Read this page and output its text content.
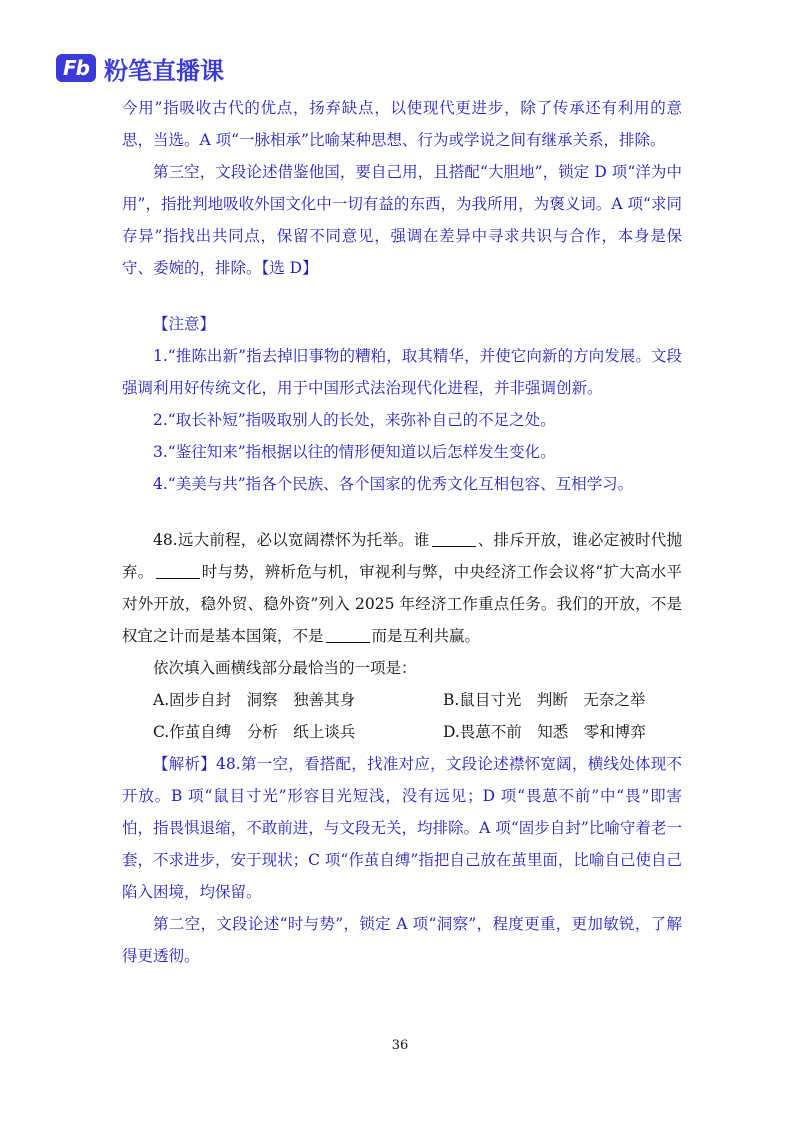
Fb 粉笔直播课

今用”指吸收古代的优点，扬弃缺点，以使现代更进步，除了传承还有利用的意思，当选。A 项“一脉相承”比喻某种思想、行为或学说之间有继承关系，排除。

第三空，文段论述借鉴他国，要自己用，且搭配“大胆地”，锁定 D 项“洋为中用”，指批判地吸收外国文化中一切有益的东西，为我所用，为褒义词。A 项“求同存异”指找出共同点，保留不同意见，强调在差异中寻求共识与合作，本身是保守、委婉的，排除。【选 D】

【注意】

1.“推陈出新”指去掉旧事物的糟粕，取其精华，并使它向新的方向发展。文段强调利用好传统文化，用于中国形式法治现代化进程，并非强调创新。

2.“取长补短”指吸取别人的长处，来弥补自己的不足之处。

3.“鉴往知来”指根据以往的情形便知道以后怎样发生变化。

4.“美美与共”指各个民族、各个国家的优秀文化互相包容、互相学习。

48.远大前程，必以宽阔襟怀为托举。谁	、排斥开放，谁必定被时代抛弃。	时与势，辨析危与机，审视利与弊，中央经济工作会议将“扩大高水平对外开放，稳外贸、稳外资”列入 2025 年经济工作重点任务。我们的开放，不是权宜之计而是基本国策，不是	而是互利共赢。

依次填入画横线部分最恰当的一项是：

A.固步自封　洞察　独善其身	B.鼠目寸光　判断　无奈之举
C.作茧自缚　分析　纸上谈兵	D.畏葸不前　知悉　零和博弈

【解析】48.第一空，看搭配，找准对应，文段论述襟怀宽阔，横线处体现不开放。B 项“鼠目寸光”形容目光短浅，没有远见；D 项“畏葸不前”中“畏”即害怕，指畏惧退缩，不敢前进，与文段无关，均排除。A 项“固步自封”比喻守着老一套，不求进步，安于现状；C 项“作茧自缚”指把自己放在茧里面，比喻自己使自己陷入困境，均保留。

第二空，文段论述“时与势”，锁定 A 项“洞察”，程度更重，更加敏锐，了解得更透彻。

36
